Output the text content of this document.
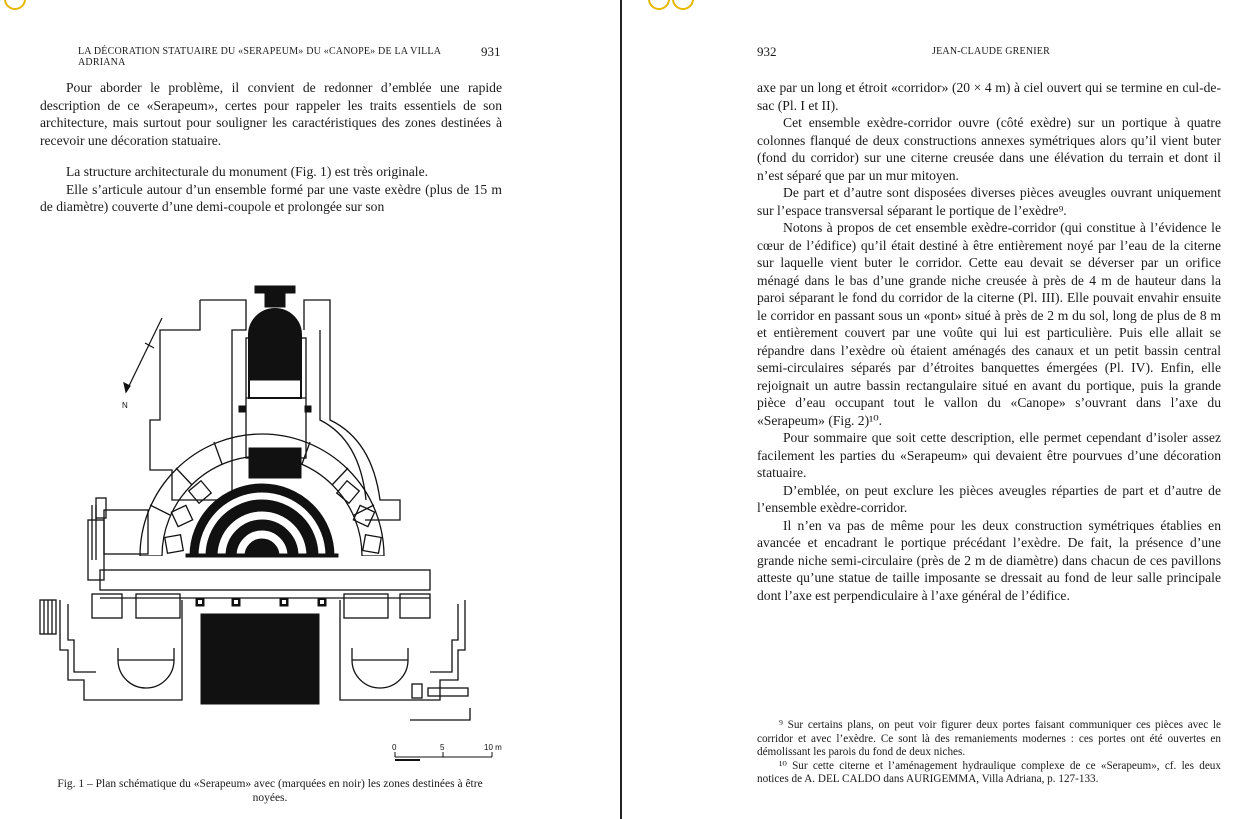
LA DÉCORATION STATUAIRE DU «SERAPEUM» DU «CANOPE» DE LA VILLA ADRIANA
931

Pour aborder le problème, il convient de redonner d’emblée une rapide description de ce «Serapeum», certes pour rappeler les traits essentiels de son architecture, mais surtout pour souligner les caractéristiques des zones destinées à recevoir une décoration statuaire.

La structure architecturale du monument (Fig. 1) est très originale.

Elle s’articule autour d’un ensemble formé par une vaste exèdre (plus de 15 m de diamètre) couverte d’une demi-coupole et prolongée sur son

N
0	5	10 m
Fig. 1 – Plan schématique du «Serapeum» avec (marquées en noir) les zones destinées à être noyées.
932	JEAN-CLAUDE GRENIER

axe par un long et étroit «corridor» (20 × 4 m) à ciel ouvert qui se termine en cul-de-sac (Pl. I et II).

Cet ensemble exèdre-corridor ouvre (côté exèdre) sur un portique à quatre colonnes flanqué de deux constructions annexes symétriques alors qu’il vient buter (fond du corridor) sur une citerne creusée dans une élévation du terrain et dont il n’est séparé que par un mur mitoyen.

De part et d’autre sont disposées diverses pièces aveugles ouvrant uniquement sur l’espace transversal séparant le portique de l’exèdre⁹.

Notons à propos de cet ensemble exèdre-corridor (qui constitue à l’évidence le cœur de l’édifice) qu’il était destiné à être entièrement noyé par l’eau de la citerne sur laquelle vient buter le corridor. Cette eau devait se déverser par un orifice ménagé dans le bas d’une grande niche creusée à près de 4 m de hauteur dans la paroi séparant le fond du corridor de la citerne (Pl. III). Elle pouvait envahir ensuite le corridor en passant sous un «pont» situé à près de 2 m du sol, long de plus de 8 m et entièrement couvert par une voûte qui lui est particulière. Puis elle allait se répandre dans l’exèdre où étaient aménagés des canaux et un petit bassin central semi-circulaires séparés par d’étroites banquettes émergées (Pl. IV). Enfin, elle rejoignait un autre bassin rectangulaire situé en avant du portique, puis la grande pièce d’eau occupant tout le vallon du «Canope» s’ouvrant dans l’axe du «Serapeum» (Fig. 2)¹⁰.

Pour sommaire que soit cette description, elle permet cependant d’isoler assez facilement les parties du «Serapeum» qui devaient être pourvues d’une décoration statuaire.

D’emblée, on peut exclure les pièces aveugles réparties de part et d’autre de l’ensemble exèdre-corridor.

Il n’en va pas de même pour les deux construction symétriques établies en avancée et encadrant le portique précédant l’exèdre. De fait, la présence d’une grande niche semi-circulaire (près de 2 m de diamètre) dans chacun de ces pavillons atteste qu’une statue de taille imposante se dressait au fond de leur salle principale dont l’axe est perpendiculaire à l’axe général de l’édifice.

⁹ Sur certains plans, on peut voir figurer deux portes faisant communiquer ces pièces avec le corridor et avec l’exèdre. Ce sont là des remaniements modernes : ces portes ont été ouvertes en démolissant les parois du fond de deux niches.

¹⁰ Sur cette citerne et l’aménagement hydraulique complexe de ce «Serapeum», cf. les deux notices de A. DEL CALDO dans AURIGEMMA, Villa Adriana, p. 127-133.
